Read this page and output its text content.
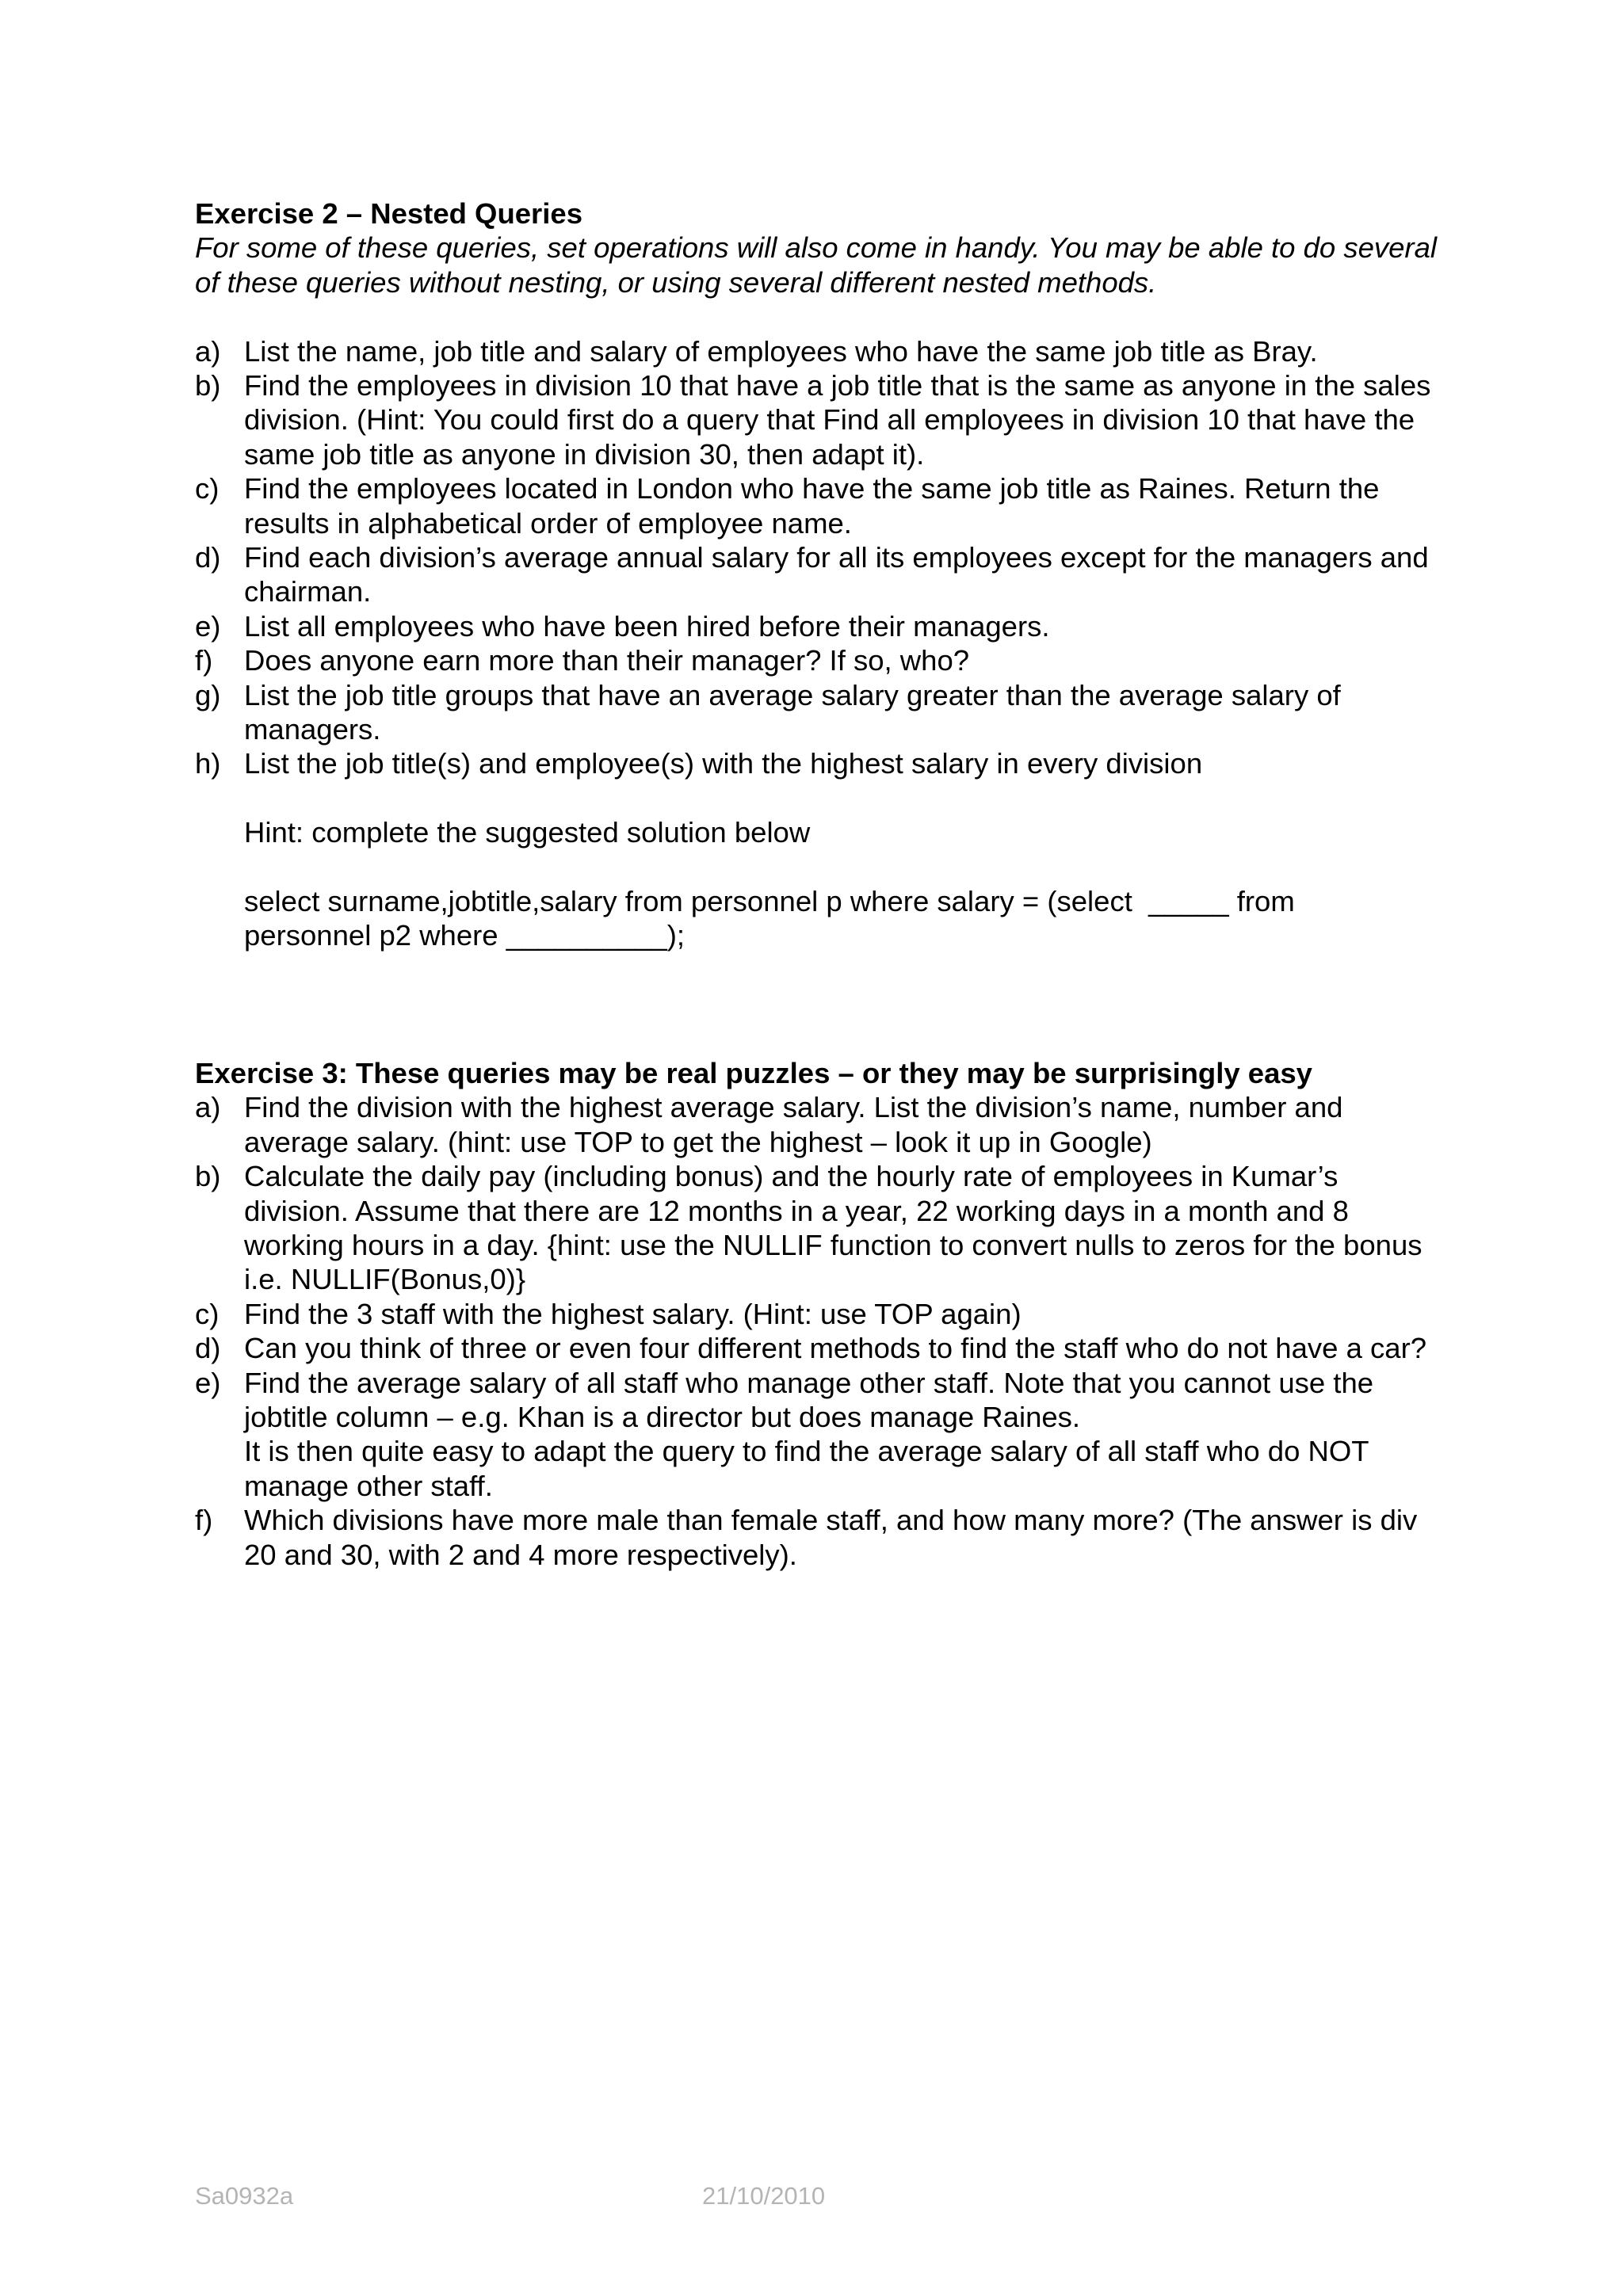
Exercise 2 – Nested Queries

For some of these queries, set operations will also come in handy. You may be able to do several of these queries without nesting, or using several different nested methods.

a) List the name, job title and salary of employees who have the same job title as Bray.
b) Find the employees in division 10 that have a job title that is the same as anyone in the sales division. (Hint: You could first do a query that Find all employees in division 10 that have the same job title as anyone in division 30, then adapt it).
c) Find the employees located in London who have the same job title as Raines. Return the results in alphabetical order of employee name.
d) Find each division’s average annual salary for all its employees except for the managers and chairman.
e) List all employees who have been hired before their managers.
f) Does anyone earn more than their manager? If so, who?
g) List the job title groups that have an average salary greater than the average salary of managers.
h) List the job title(s) and employee(s) with the highest salary in every division

Hint: complete the suggested solution below

select surname,jobtitle,salary from personnel p where salary = (select  _____ from

personnel p2 where __________);

Exercise 3: These queries may be real puzzles – or they may be surprisingly easy

a) Find the division with the highest average salary. List the division’s name, number and average salary. (hint: use TOP to get the highest – look it up in Google)
b) Calculate the daily pay (including bonus) and the hourly rate of employees in Kumar’s division. Assume that there are 12 months in a year, 22 working days in a month and 8 working hours in a day. {hint: use the NULLIF function to convert nulls to zeros for the bonus i.e. NULLIF(Bonus,0)}
c) Find the 3 staff with the highest salary. (Hint: use TOP again)
d) Can you think of three or even four different methods to find the staff who do not have a car?
e) Find the average salary of all staff who manage other staff. Note that you cannot use the jobtitle column – e.g. Khan is a director but does manage Raines.
It is then quite easy to adapt the query to find the average salary of all staff who do NOT manage other staff.
f) Which divisions have more male than female staff, and how many more? (The answer is div 20 and 30, with 2 and 4 more respectively).
Sa0932a	21/10/2010
